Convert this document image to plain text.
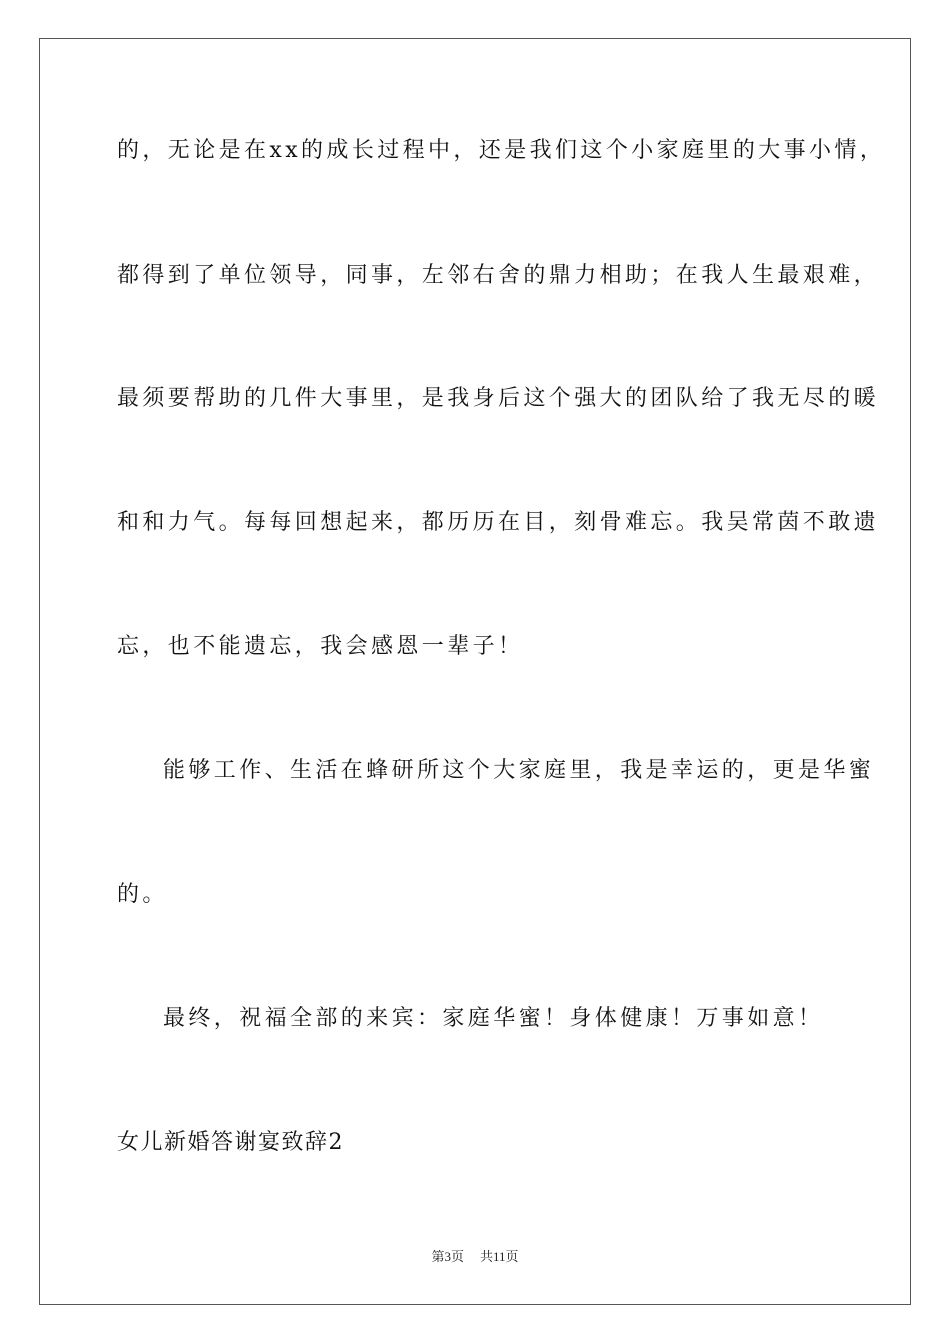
的，无论是在xx的成长过程中，还是我们这个小家庭里的大事小情，
都得到了单位领导，同事，左邻右舍的鼎力相助；在我人生最艰难，
最须要帮助的几件大事里，是我身后这个强大的团队给了我无尽的暖
和和力气。每每回想起来，都历历在目，刻骨难忘。我吴常茵不敢遗
忘，也不能遗忘，我会感恩一辈子！
能够工作、生活在蜂研所这个大家庭里，我是幸运的，更是华蜜
的。
最终，祝福全部的来宾：家庭华蜜！身体健康！万事如意！
女儿新婚答谢宴致辞2
第3页 共11页
